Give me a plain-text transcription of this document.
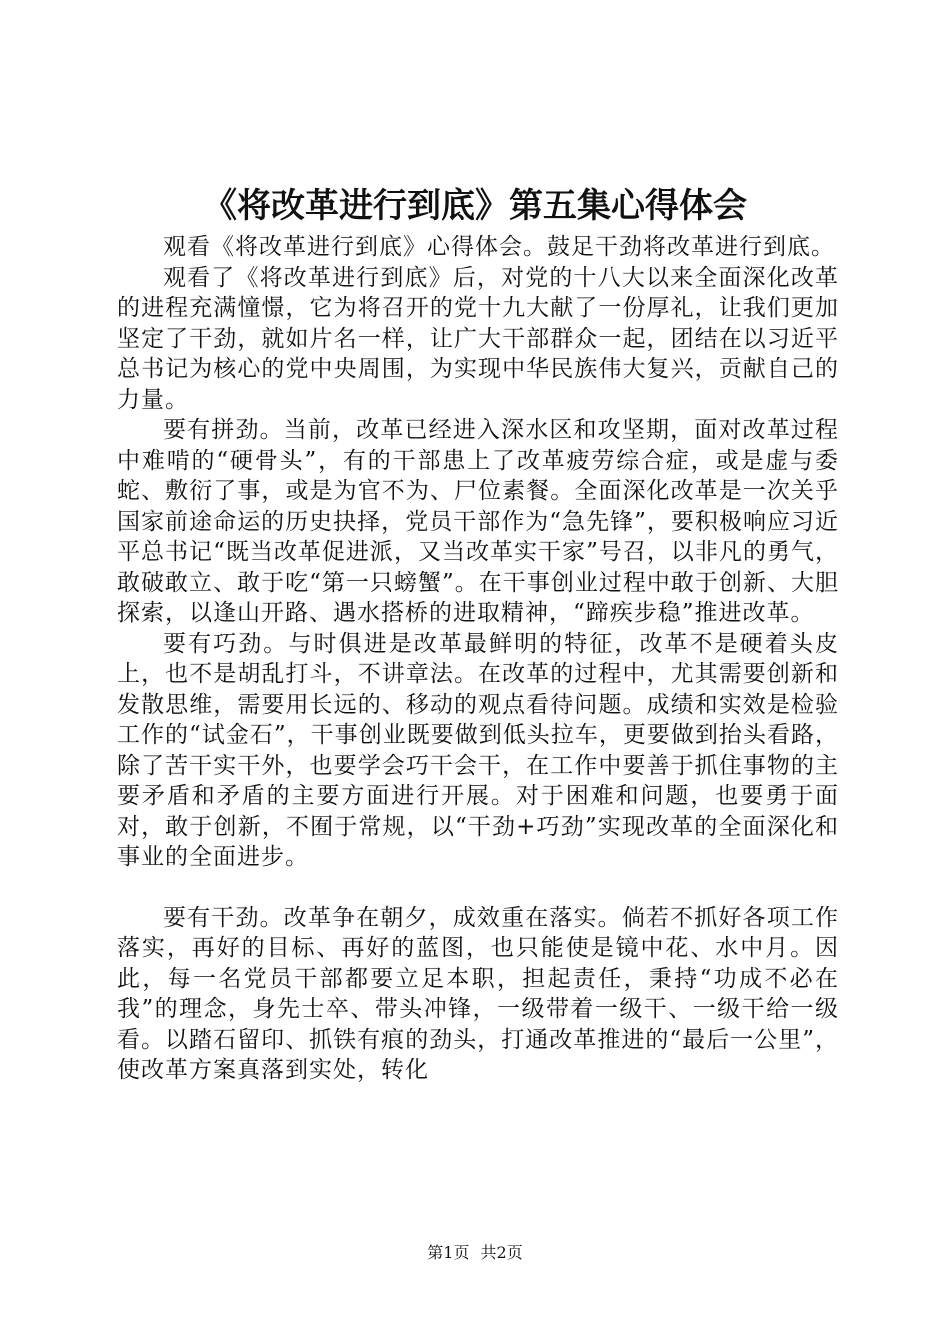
《将改革进行到底》第五集心得体会

观看《将改革进行到底》心得体会。鼓足干劲将改革进行到底。

观看了《将改革进行到底》后，对党的十八大以来全面深化改革的进程充满憧憬，它为将召开的党十九大献了一份厚礼，让我们更加坚定了干劲，就如片名一样，让广大干部群众一起，团结在以习近平总书记为核心的党中央周围，为实现中华民族伟大复兴，贡献自己的力量。

要有拼劲。当前，改革已经进入深水区和攻坚期，面对改革过程中难啃的“硬骨头”，有的干部患上了改革疲劳综合症，或是虚与委蛇、敷衍了事，或是为官不为、尸位素餐。全面深化改革是一次关乎国家前途命运的历史抉择，党员干部作为“急先锋”，要积极响应习近平总书记“既当改革促进派，又当改革实干家”号召，以非凡的勇气，敢破敢立、敢于吃“第一只螃蟹”。在干事创业过程中敢于创新、大胆探索，以逢山开路、遇水搭桥的进取精神，“蹄疾步稳”推进改革。

要有巧劲。与时俱进是改革最鲜明的特征，改革不是硬着头皮上，也不是胡乱打斗，不讲章法。在改革的过程中，尤其需要创新和发散思维，需要用长远的、移动的观点看待问题。成绩和实效是检验工作的“试金石”，干事创业既要做到低头拉车，更要做到抬头看路，除了苦干实干外，也要学会巧干会干，在工作中要善于抓住事物的主要矛盾和矛盾的主要方面进行开展。对于困难和问题，也要勇于面对，敢于创新，不囿于常规，以“干劲+巧劲”实现改革的全面深化和事业的全面进步。

要有干劲。改革争在朝夕，成效重在落实。倘若不抓好各项工作落实，再好的目标、再好的蓝图，也只能使是镜中花、水中月。因此，每一名党员干部都要立足本职，担起责任，秉持“功成不必在我”的理念，身先士卒、带头冲锋，一级带着一级干、一级干给一级看。以踏石留印、抓铁有痕的劲头，打通改革推进的“最后一公里”，使改革方案真落到实处，转化

第1页 共2页
